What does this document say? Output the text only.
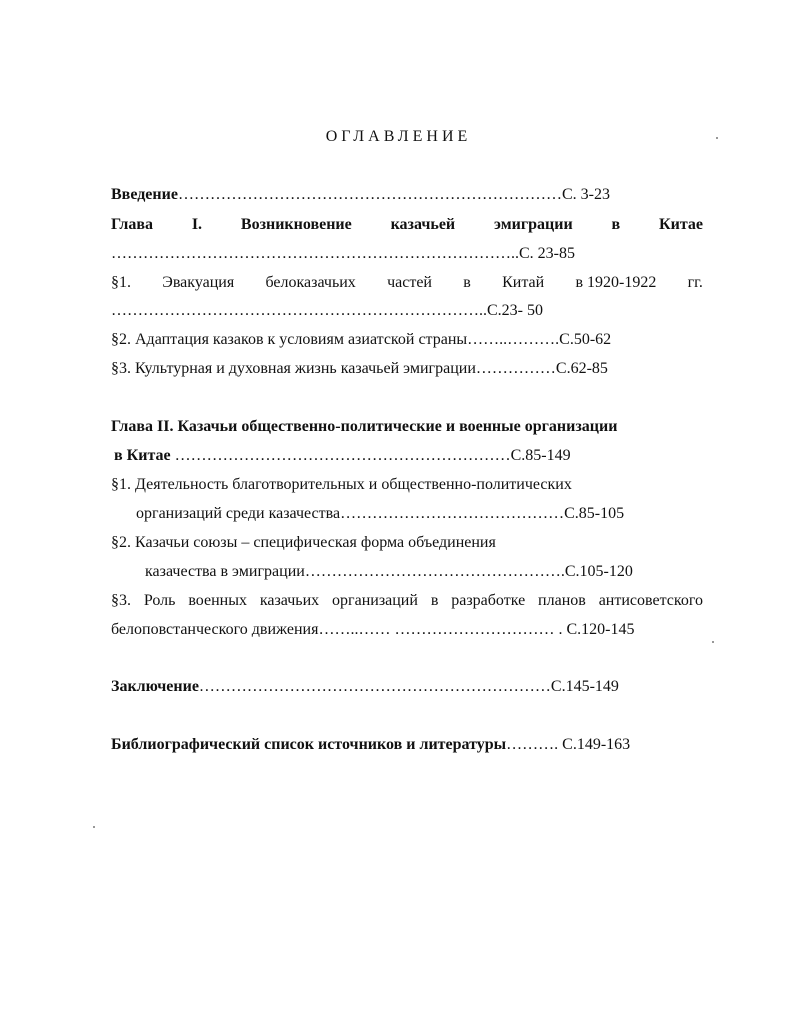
ОГЛАВЛЕНИЕ
Введение………………………………………………………………С. 3-23
Глава I. Возникновение казачьей эмиграции в Китае
…………………………………………………………………..С. 23-85
§1. Эвакуация белоказачьих частей в Китай в 1920-1922 гг.
……………………………………………………………..С.23- 50
§2. Адаптация казаков к условиям азиатской страны……..……….С.50-62
§3. Культурная и духовная жизнь казачьей эмиграции……………С.62-85
Глава II. Казачьи общественно-политические и военные организации
в Китае ………………………………………………………С.85-149
§1. Деятельность благотворительных и общественно-политических
организаций среди казачества……………………………………С.85-105
§2. Казачьи союзы – специфическая форма объединения
казачества в эмиграции………………………………………….С.105-120
§3. Роль военных казачьих организаций в разработке планов антисоветского
белоповстанческого движения……..…… ………………………… . С.120-145
Заключение…………………………………………………………С.145-149
Библиографический список источников и литературы………. С.149-163
